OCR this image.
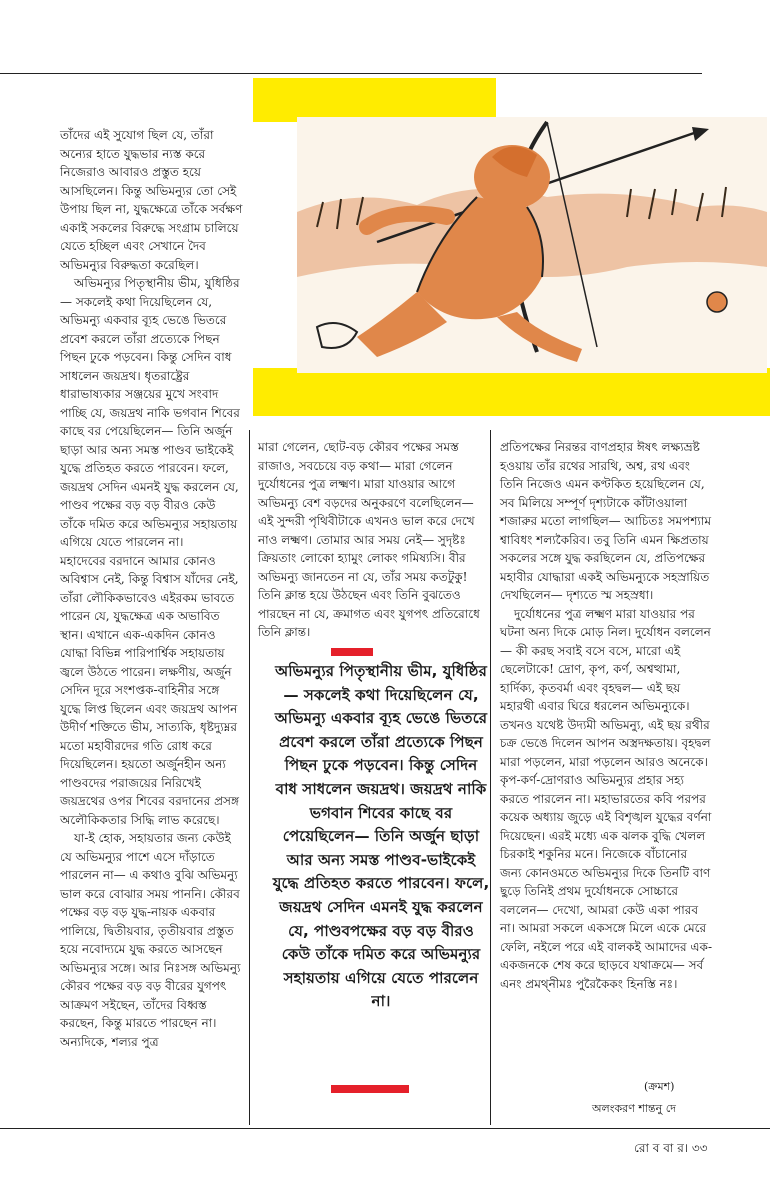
তাঁদের এই সুযোগ ছিল যে, তাঁরা অন্যের হাতে যুদ্ধভার ন্যস্ত করে নিজেরাও আবারও প্রস্তুত হয়ে আসছিলেন। কিন্তু অভিমন্যুর তো সেই উপায় ছিল না, যুদ্ধক্ষেত্রে তাঁকে সর্বক্ষণ একাই সকলের বিরুদ্ধে সংগ্রাম চালিয়ে যেতে হচ্ছিল এবং সেখানে দৈব অভিমন্যুর বিরুদ্ধতা করেছিল।

অভিমন্যুর পিতৃস্থানীয় ভীম, যুধিষ্ঠির— সকলেই কথা দিয়েছিলেন যে, অভিমন্যু একবার ব্যূহ ভেঙে ভিতরে প্রবেশ করলে তাঁরা প্রত্যেকে পিছন পিছন ঢুকে পড়বেন। কিন্তু সেদিন বাধ সাধলেন জয়দ্রথ। ধৃতরাষ্ট্রের ধারাভাষ্যকার সঞ্জয়ের মুখে সংবাদ পাচ্ছি যে, জয়দ্রথ নাকি ভগবান শিবের কাছে বর পেয়েছিলেন— তিনি অর্জুন ছাড়া আর অন্য সমস্ত পাণ্ডব ভাইকেই যুদ্ধে প্রতিহত করতে পারবেন। ফলে, জয়দ্রথ সেদিন এমনই যুদ্ধ করলেন যে, পাণ্ডব পক্ষের বড় বড় বীরও কেউ তাঁকে দমিত করে অভিমন্যুর সহায়তায় এগিয়ে যেতে পারলেন না।

মহাদেবের বরদানে আমার কোনও অবিশ্বাস নেই, কিন্তু বিশ্বাস যাঁদের নেই, তাঁরা লৌকিকভাবেও এইরকম ভাবতে পারেন যে, যুদ্ধক্ষেত্র এক অভাবিত স্থান। এখানে এক-একদিন কোনও যোদ্ধা বিভিন্ন পারিপার্শ্বিক সহায়তায় জ্বলে উঠতে পারেন। লক্ষণীয়, অর্জুন সেদিন দূরে সংশপ্তক-বাহিনীর সঙ্গে যুদ্ধে লিপ্ত ছিলেন এবং জয়দ্রথ আপন উদীর্ণ শক্তিতে ভীম, সাত্যকি, ধৃষ্টদ্যুম্নর মতো মহাবীরদের গতি রোধ করে দিয়েছিলেন। হয়তো অর্জুনহীন অন্য পাণ্ডবদের পরাজয়ের নিরিখেই জয়দ্রথের ওপর শিবের বরদানের প্রসঙ্গ অলৌকিকতার সিদ্ধি লাভ করেছে।

যা-ই হোক, সহায়তার জন্য কেউই যে অভিমন্যুর পাশে এসে দাঁড়াতে পারলেন না— এ কথাও বুঝি অভিমন্যু ভাল করে বোঝার সময় পাননি। কৌরব পক্ষের বড় বড় যুদ্ধ-নায়ক একবার পালিয়ে, দ্বিতীয়বার, তৃতীয়বার প্রস্তুত হয়ে নবোদ্যমে যুদ্ধ করতে আসছেন অভিমন্যুর সঙ্গে। আর নিঃসঙ্গ অভিমন্যু কৌরব পক্ষের বড় বড় বীরের যুগপৎ আক্রমণ সইছেন, তাঁদের বিধ্বস্ত করছেন, কিন্তু মারতে পারছেন না। অন্যদিকে, শল্যর পুত্র

মারা গেলেন, ছোট-বড় কৌরব পক্ষের সমস্ত রাজাও, সবচেয়ে বড় কথা— মারা গেলেন দুর্যোধনের পুত্র লক্ষ্মণ। মারা যাওয়ার আগে অভিমন্যু বেশ বড়দের অনুকরণে বলেছিলেন— এই সুন্দরী পৃথিবীটাকে এখনও ভাল করে দেখে নাও লক্ষ্মণ। তোমার আর সময় নেই— সুদৃষ্টঃ ক্রিয়তাং লোকো হ্যামুং লোকং গমিষ্যসি। বীর অভিমন্যু জানতেন না যে, তাঁর সময় কতটুকু! তিনি ক্লান্ত হয়ে উঠছেন এবং তিনি বুঝতেও পারছেন না যে, ক্রমাগত এবং যুগপৎ প্রতিরোধে তিনি ক্লান্ত।

অভিমন্যুর পিতৃস্থানীয় ভীম, যুধিষ্ঠির— সকলেই কথা দিয়েছিলেন যে, অভিমন্যু একবার ব্যূহ ভেঙে ভিতরে প্রবেশ করলে তাঁরা প্রত্যেকে পিছন পিছন ঢুকে পড়বেন। কিন্তু সেদিন বাধ সাধলেন জয়দ্রথ। জয়দ্রথ নাকি ভগবান শিবের কাছে বর পেয়েছিলেন— তিনি অর্জুন ছাড়া আর অন্য সমস্ত পাণ্ডব-ভাইকেই যুদ্ধে প্রতিহত করতে পারবেন। ফলে, জয়দ্রথ সেদিন এমনই যুদ্ধ করলেন যে, পাণ্ডবপক্ষের বড় বড় বীরও কেউ তাঁকে দমিত করে অভিমন্যুর সহায়তায় এগিয়ে যেতে পারলেন না।

প্রতিপক্ষের নিরন্তর বাণপ্রহার ঈষৎ লক্ষ্যভ্রষ্ট হওয়ায় তাঁর রথের সারথি, অশ্ব, রথ এবং তিনি নিজেও এমন কণ্টকিত হয়েছিলেন যে, সব মিলিয়ে সম্পূর্ণ দৃশ্যটাকে কাঁটাওয়ালা শজারুর মতো লাগছিল— আচিতঃ সমপশ্যাম শ্বাবিধং শল্যকৈরিব। তবু তিনি এমন ক্ষিপ্রতায় সকলের সঙ্গে যুদ্ধ করছিলেন যে, প্রতিপক্ষের মহাবীর যোদ্ধারা একই অভিমন্যুকে সহস্রায়িত দেখছিলেন— দৃশ্যতে স্ম সহস্রধা।

দুর্যোধনের পুত্র লক্ষ্মণ মারা যাওয়ার পর ঘটনা অন্য দিকে মোড় নিল। দুর্যোধন বললেন— কী করছ সবাই বসে বসে, মারো এই ছেলেটাকে! দ্রোণ, কৃপ, কর্ণ, অশ্বত্থামা, হার্দিক্য, কৃতবর্মা এবং বৃহদ্বল— এই ছয় মহারথী এবার ঘিরে ধরলেন অভিমন্যুকে। তখনও যথেষ্ট উদ্যমী অভিমন্যু, এই ছয় রথীর চক্র ভেঙে দিলেন আপন অস্ত্রদক্ষতায়। বৃহদ্বল মারা পড়লেন, মারা পড়লেন আরও অনেকে। কৃপ-কর্ণ-দ্রোণরাও অভিমন্যুর প্রহার সহ্য করতে পারলেন না। মহাভারতের কবি পরপর কয়েক অধ্যায় জুড়ে এই বিশৃঙ্খল যুদ্ধের বর্ণনা দিয়েছেন। এরই মধ্যে এক ঝলক বুদ্ধি খেলল চিরকাই শকুনির মনে। নিজেকে বাঁচানোর জন্য কোনওমতে অভিমন্যুর দিকে তিনটি বাণ ছুড়ে তিনিই প্রথম দুর্যোধনকে সোচ্চারে বললেন— দেখো, আমরা কেউ একা পারব না। আমরা সকলে একসঙ্গে মিলে একে মেরে ফেলি, নইলে পরে এই বালকই আমাদের এক-একজনকে শেষ করে ছাড়বে যথাক্রমে— সর্ব এনং প্রমথ্নীমঃ পুরৈকৈকং হিনস্তি নঃ।

(ক্রমশ)
অলংকরণ শান্তনু দে
রো ব বা র। ৩৩
